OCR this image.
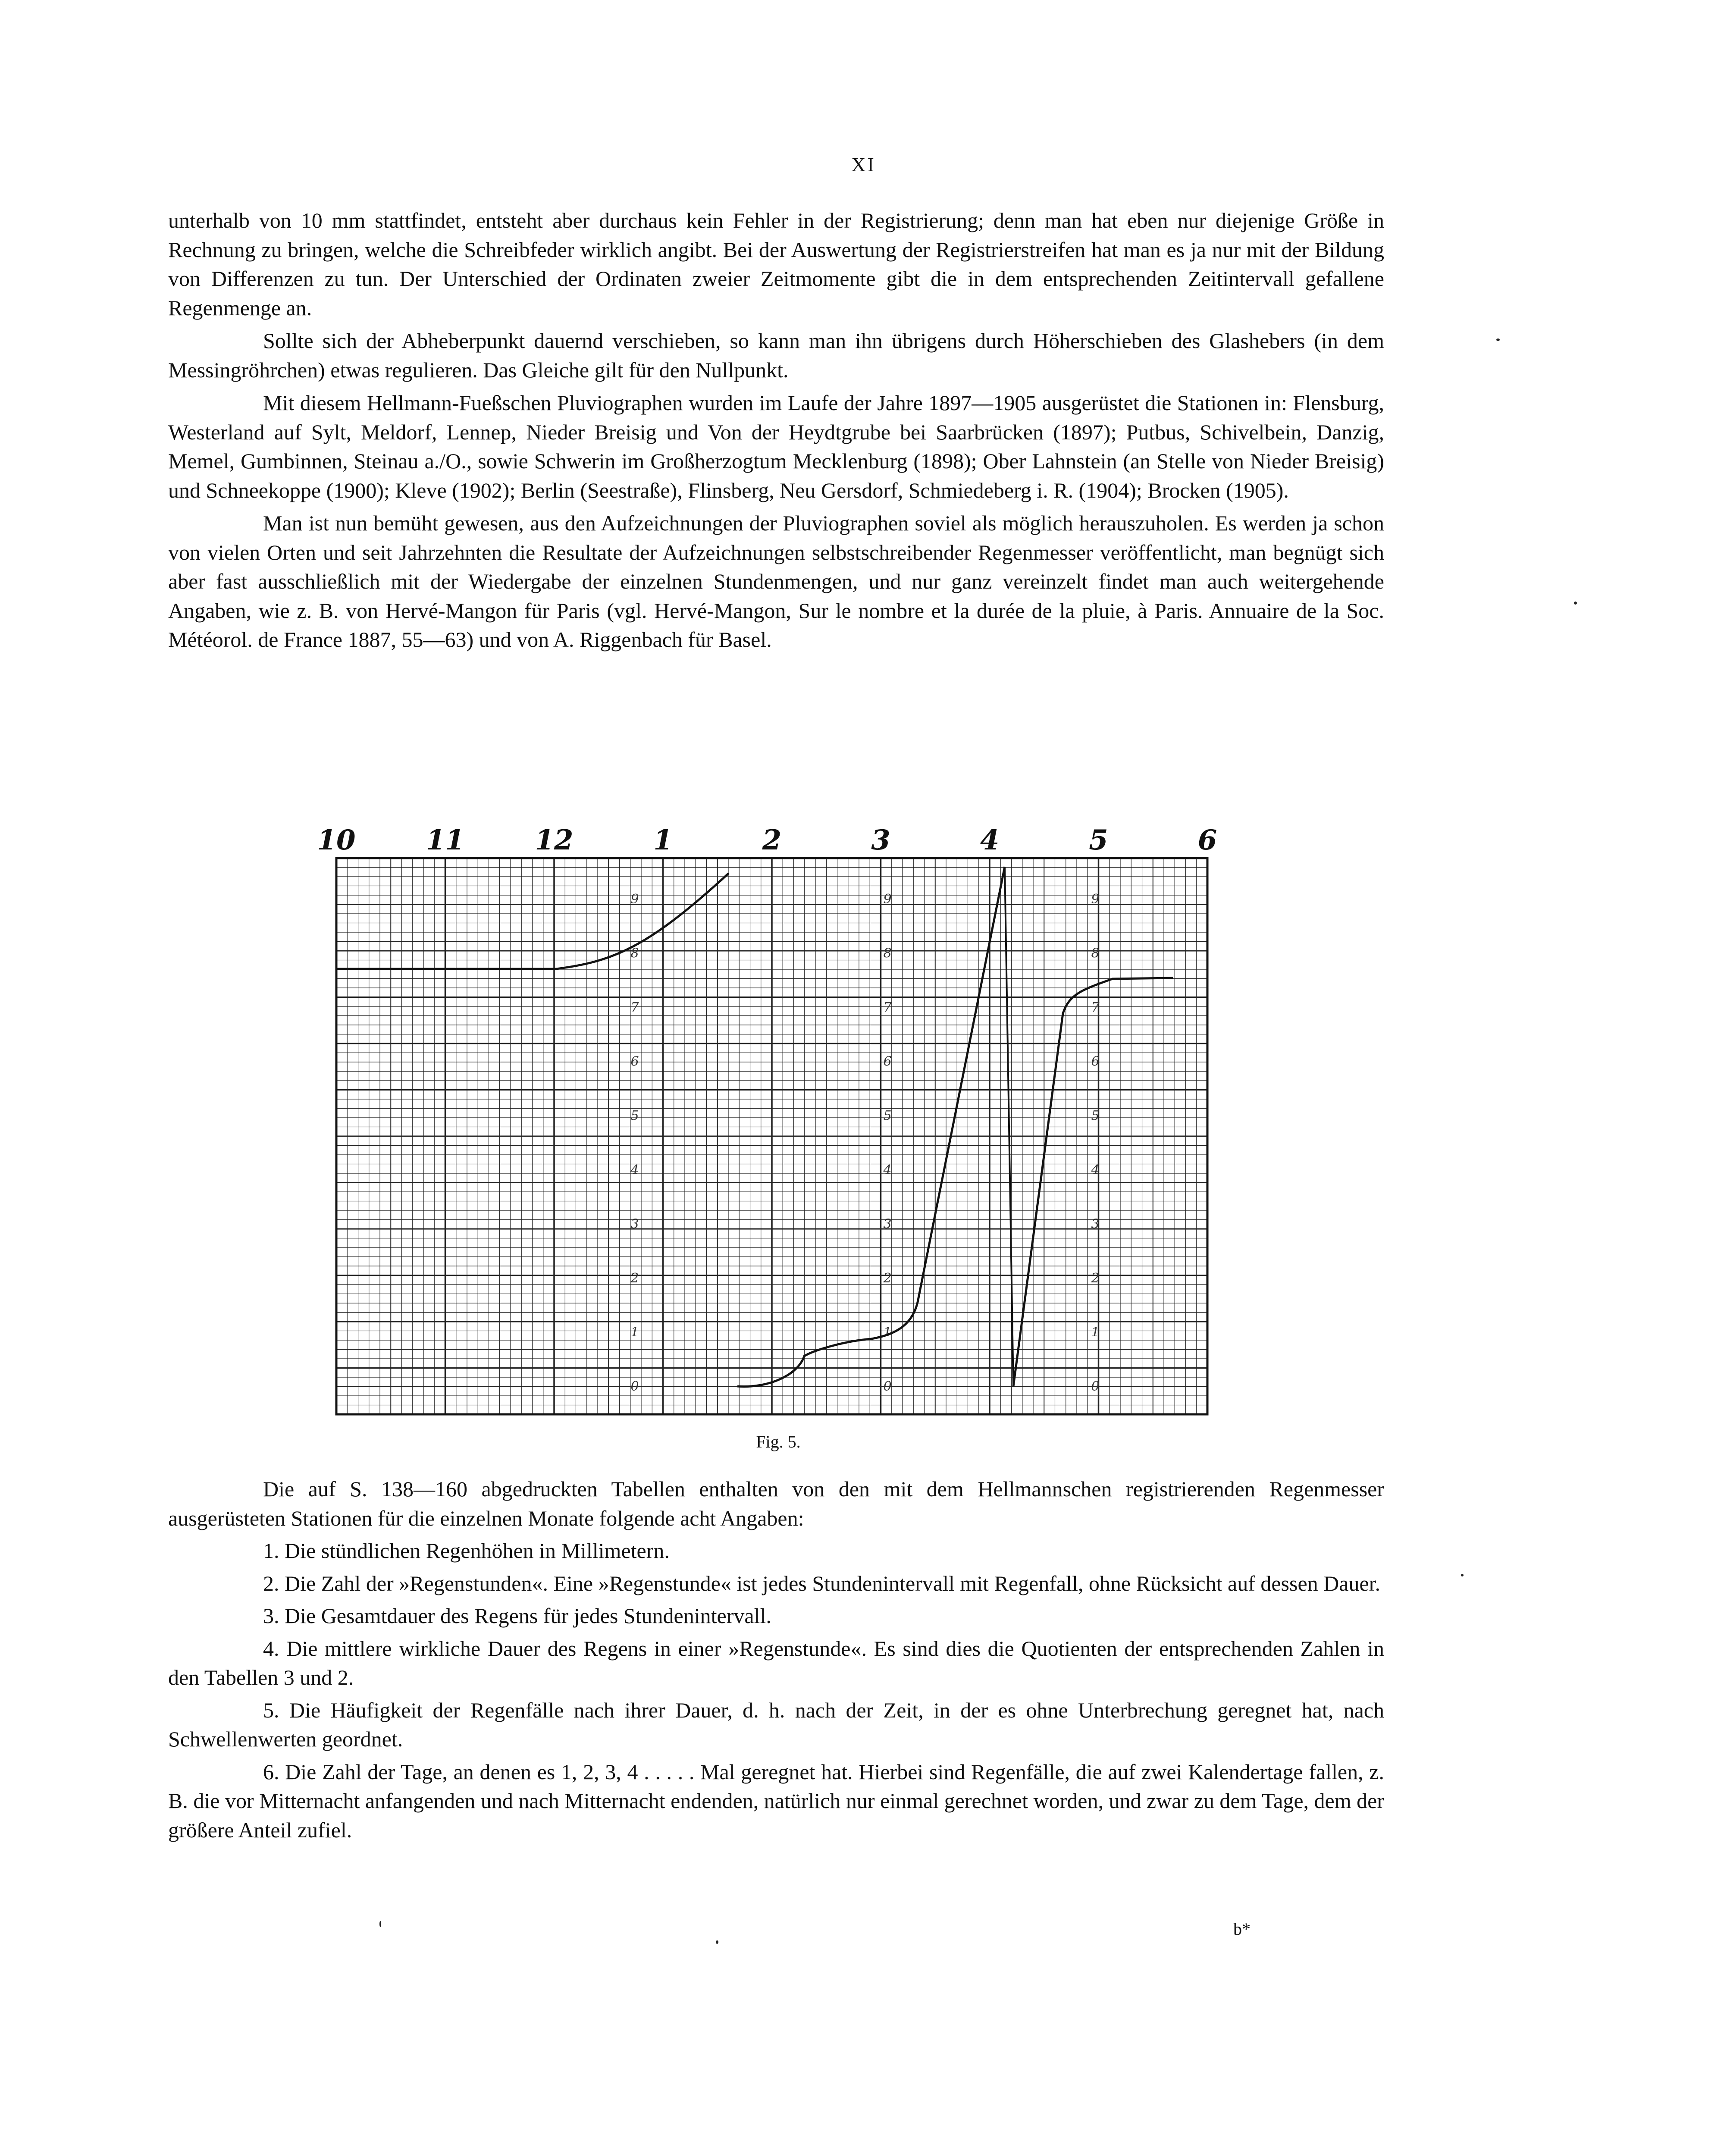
XI

unterhalb von 10 mm stattfindet, entsteht aber durchaus kein Fehler in der Registrierung; denn man hat eben nur diejenige Größe in Rechnung zu bringen, welche die Schreibfeder wirklich angibt. Bei der Auswertung der Registrierstreifen hat man es ja nur mit der Bildung von Differenzen zu tun. Der Unterschied der Ordinaten zweier Zeitmomente gibt die in dem entsprechenden Zeitintervall gefallene Regenmenge an.

Sollte sich der Abheberpunkt dauernd verschieben, so kann man ihn übrigens durch Höherschieben des Glashebers (in dem Messingröhrchen) etwas regulieren. Das Gleiche gilt für den Nullpunkt.

Mit diesem Hellmann-Fueßschen Pluviographen wurden im Laufe der Jahre 1897—1905 ausgerüstet die Stationen in: Flensburg, Westerland auf Sylt, Meldorf, Lennep, Nieder Breisig und Von der Heydtgrube bei Saarbrücken (1897); Putbus, Schivelbein, Danzig, Memel, Gumbinnen, Steinau a./O., sowie Schwerin im Großherzogtum Mecklenburg (1898); Ober Lahnstein (an Stelle von Nieder Breisig) und Schneekoppe (1900); Kleve (1902); Berlin (Seestraße), Flinsberg, Neu Gersdorf, Schmiedeberg i. R. (1904); Brocken (1905).

Man ist nun bemüht gewesen, aus den Aufzeichnungen der Pluviographen soviel als möglich herauszuholen. Es werden ja schon von vielen Orten und seit Jahrzehnten die Resultate der Aufzeichnungen selbstschreibender Regenmesser veröffentlicht, man begnügt sich aber fast ausschließlich mit der Wiedergabe der einzelnen Stundenmengen, und nur ganz vereinzelt findet man auch weitergehende Angaben, wie z. B. von Hervé-Mangon für Paris (vgl. Hervé-Mangon, Sur le nombre et la durée de la pluie, à Paris. Annuaire de la Soc. Météorol. de France 1887, 55—63) und von A. Riggenbach für Basel.

10	11	12	1	2	3	4	5	6
0
1
2
3
4
5
6
7
8
9
0
1
2
3
4
5
6
7
8
9
0
1
2
3
4
5
6
7
8
9
Fig. 5.

Die auf S. 138—160 abgedruckten Tabellen enthalten von den mit dem Hellmannschen registrierenden Regenmesser ausgerüsteten Stationen für die einzelnen Monate folgende acht Angaben:

1. Die stündlichen Regenhöhen in Millimetern.

2. Die Zahl der »Regenstunden«. Eine »Regenstunde« ist jedes Stundenintervall mit Regenfall, ohne Rücksicht auf dessen Dauer.

3. Die Gesamtdauer des Regens für jedes Stundenintervall.

4. Die mittlere wirkliche Dauer des Regens in einer »Regenstunde«. Es sind dies die Quotienten der entsprechenden Zahlen in den Tabellen 3 und 2.

5. Die Häufigkeit der Regenfälle nach ihrer Dauer, d. h. nach der Zeit, in der es ohne Unterbrechung geregnet hat, nach Schwellenwerten geordnet.

6. Die Zahl der Tage, an denen es 1, 2, 3, 4 . . . . . Mal geregnet hat. Hierbei sind Regenfälle, die auf zwei Kalendertage fallen, z. B. die vor Mitternacht anfangenden und nach Mitternacht endenden, natürlich nur einmal gerechnet worden, und zwar zu dem Tage, dem der größere Anteil zufiel.

b*
